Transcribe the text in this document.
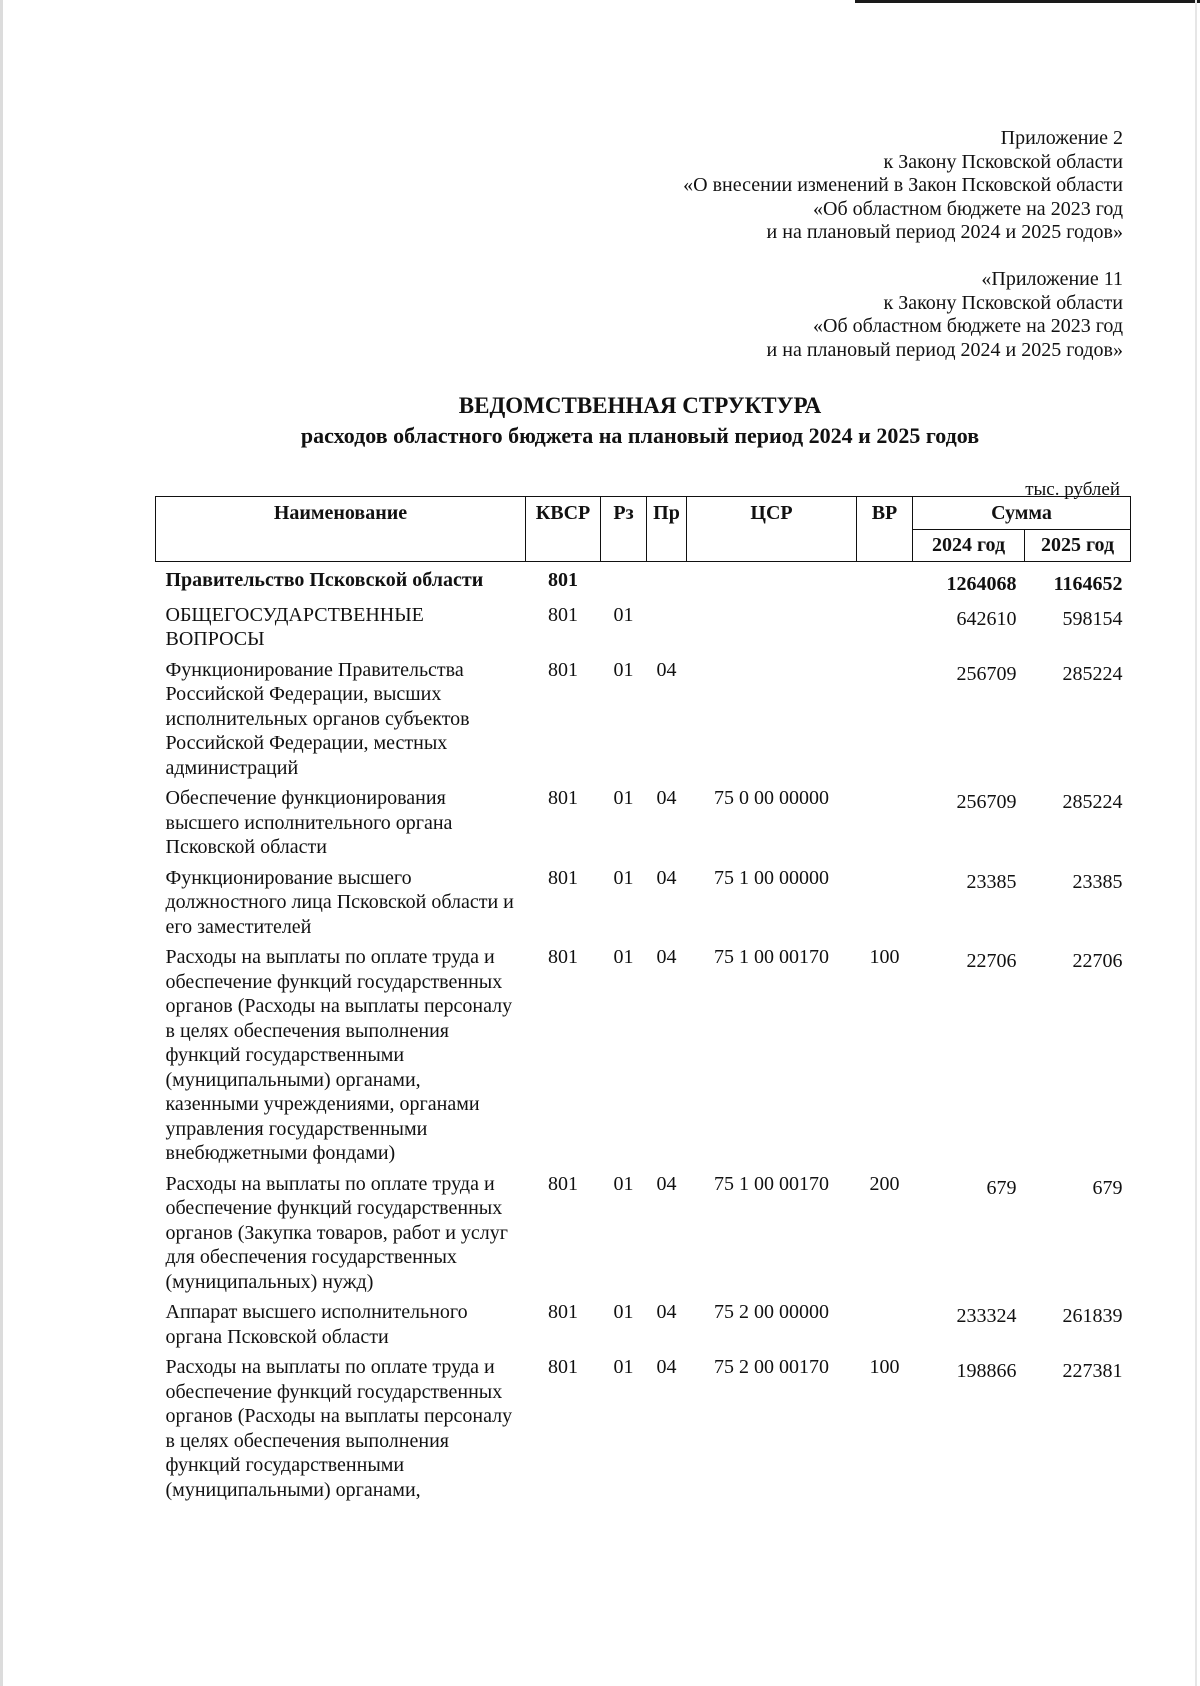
Приложение 2
к Закону Псковской области
«О внесении изменений в Закон Псковской области
«Об областном бюджете на 2023 год
и на плановый период 2024 и 2025 годов»
«Приложение 11
к Закону Псковской области
«Об областном бюджете на 2023 год
и на плановый период 2024 и 2025 годов»
ВЕДОМСТВЕННАЯ СТРУКТУРА
расходов областного бюджета на плановый период 2024 и 2025 годов
тыс. рублей
Наименование	КВСР	Рз	Пр	ЦСР	ВР	Сумма	
						2024 год	2025 год
Правительство Псковской области	801					1264068	1164652
ОБЩЕГОСУДАРСТВЕННЫЕ ВОПРОСЫ	801	01				642610	598154
Функционирование Правительства Российской Федерации, высших исполнительных органов субъектов Российской Федерации, местных администраций	801	01	04			256709	285224
Обеспечение функционирования высшего исполнительного органа Псковской области	801	01	04	75 0 00 00000		256709	285224
Функционирование высшего должностного лица Псковской области и его заместителей	801	01	04	75 1 00 00000		23385	23385
Расходы на выплаты по оплате труда и обеспечение функций государственных органов (Расходы на выплаты персоналу в целях обеспечения выполнения функций государственными (муниципальными) органами, казенными учреждениями, органами управления государственными внебюджетными фондами)	801	01	04	75 1 00 00170	100	22706	22706
Расходы на выплаты по оплате труда и обеспечение функций государственных органов (Закупка товаров, работ и услуг для обеспечения государственных (муниципальных) нужд)	801	01	04	75 1 00 00170	200	679	679
Аппарат высшего исполнительного органа Псковской области	801	01	04	75 2 00 00000		233324	261839
Расходы на выплаты по оплате труда и обеспечение функций государственных органов (Расходы на выплаты персоналу в целях обеспечения выполнения функций государственными (муниципальными) органами,	801	01	04	75 2 00 00170	100	198866	227381
